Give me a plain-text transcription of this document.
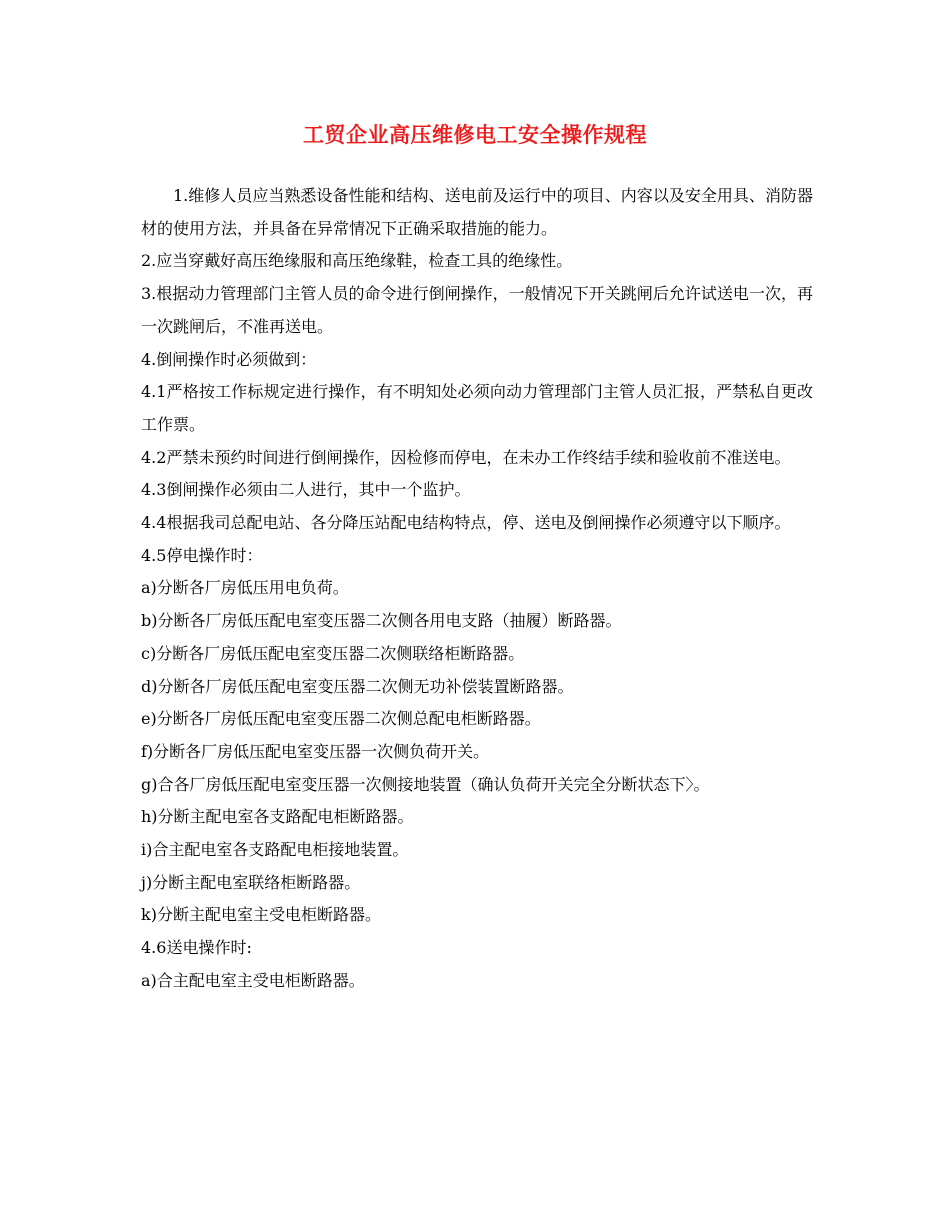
工贸企业高压维修电工安全操作规程

1.维修人员应当熟悉设备性能和结构、送电前及运行中的项目、内容以及安全用具、消防器材的使用方法，并具备在异常情况下正确采取措施的能力。

2.应当穿戴好高压绝缘服和高压绝缘鞋，检查工具的绝缘性。

3.根据动力管理部门主管人员的命令进行倒闸操作，一般情况下开关跳闸后允许试送电一次，再一次跳闸后，不准再送电。

4.倒闸操作时必须做到：

4.1严格按工作标规定进行操作，有不明知处必须向动力管理部门主管人员汇报，严禁私自更改工作票。

4.2严禁未预约时间进行倒闸操作，因检修而停电，在未办工作终结手续和验收前不准送电。

4.3倒闸操作必须由二人进行，其中一个监护。

4.4根据我司总配电站、各分降压站配电结构特点，停、送电及倒闸操作必须遵守以下顺序。

4.5停电操作时：

a)分断各厂房低压用电负荷。

b)分断各厂房低压配电室变压器二次侧各用电支路（抽履）断路器。

c)分断各厂房低压配电室变压器二次侧联络柜断路器。

d)分断各厂房低压配电室变压器二次侧无功补偿装置断路器。

e)分断各厂房低压配电室变压器二次侧总配电柜断路器。

f)分断各厂房低压配电室变压器一次侧负荷开关。

g)合各厂房低压配电室变压器一次侧接地装置（确认负荷开关完全分断状态下〉。

h)分断主配电室各支路配电柜断路器。

i)合主配电室各支路配电柜接地装置。

j)分断主配电室联络柜断路器。

k)分断主配电室主受电柜断路器。

4.6送电操作时:

a)合主配电室主受电柜断路器。
